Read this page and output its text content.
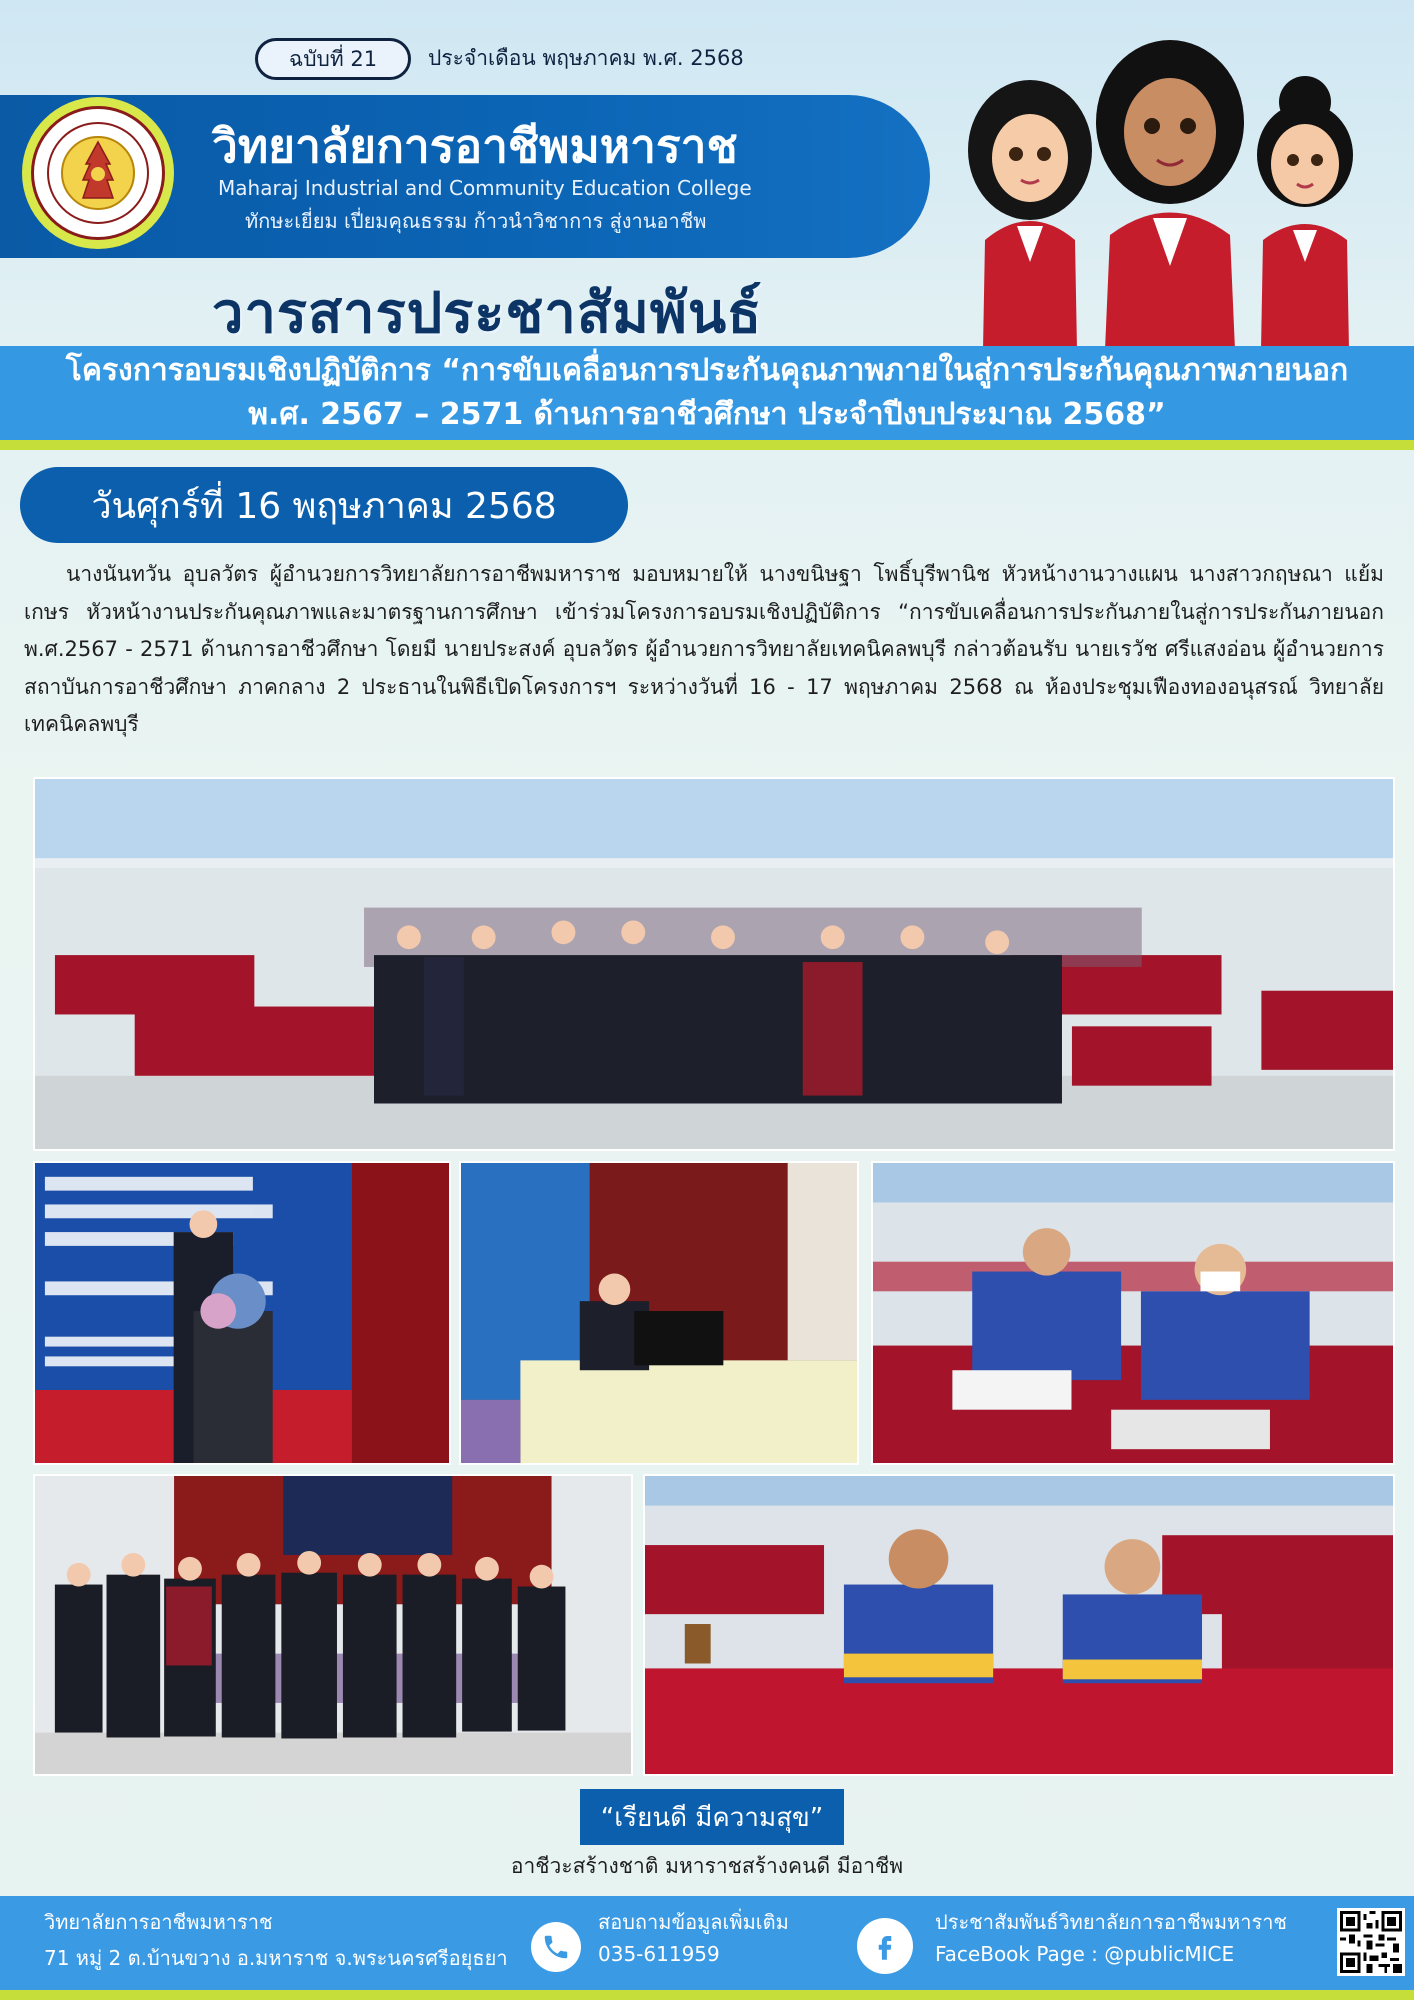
ฉบับที่ 21	ประจำเดือน พฤษภาคม พ.ศ. 2568
วิทยาลัยการอาชีพมหาราช
Maharaj Industrial and Community Education College
ทักษะเยี่ยม เปี่ยมคุณธรรม ก้าวนำวิชาการ สู่งานอาชีพ
วารสารประชาสัมพันธ์
โครงการอบรมเชิงปฏิบัติการ “การขับเคลื่อนการประกันคุณภาพภายในสู่การประกันคุณภาพภายนอก
พ.ศ. 2567 – 2571 ด้านการอาชีวศึกษา ประจำปีงบประมาณ 2568”
วันศุกร์ที่ 16 พฤษภาคม 2568

นางนันทวัน อุบลวัตร ผู้อำนวยการวิทยาลัยการอาชีพมหาราช มอบหมายให้ นางขนิษฐา โพธิ์บุรีพานิช หัวหน้างานวางแผน นางสาวกฤษณา แย้มเกษร หัวหน้างานประกันคุณภาพและมาตรฐานการศึกษา เข้าร่วมโครงการอบรมเชิงปฏิบัติการ “การขับเคลื่อนการประกันภายในสู่การประกันภายนอก พ.ศ.2567 - 2571 ด้านการอาชีวศึกษา โดยมี นายประสงค์ อุบลวัตร ผู้อำนวยการวิทยาลัยเทคนิคลพบุรี กล่าวต้อนรับ นายเรวัช ศรีแสงอ่อน ผู้อำนวยการสถาบันการอาชีวศึกษา ภาคกลาง 2 ประธานในพิธีเปิดโครงการฯ ระหว่างวันที่ 16 - 17 พฤษภาคม 2568 ณ ห้องประชุมเฟืองทองอนุสรณ์ วิทยาลัยเทคนิคลพบุรี

“เรียนดี มีความสุข”
อาชีวะสร้างชาติ มหาราชสร้างคนดี มีอาชีพ
วิทยาลัยการอาชีพมหาราช
71 หมู่ 2 ต.บ้านขวาง อ.มหาราช จ.พระนครศรีอยุธยา
สอบถามข้อมูลเพิ่มเติม
035-611959
ประชาสัมพันธ์วิทยาลัยการอาชีพมหาราช
FaceBook Page : @publicMICE
